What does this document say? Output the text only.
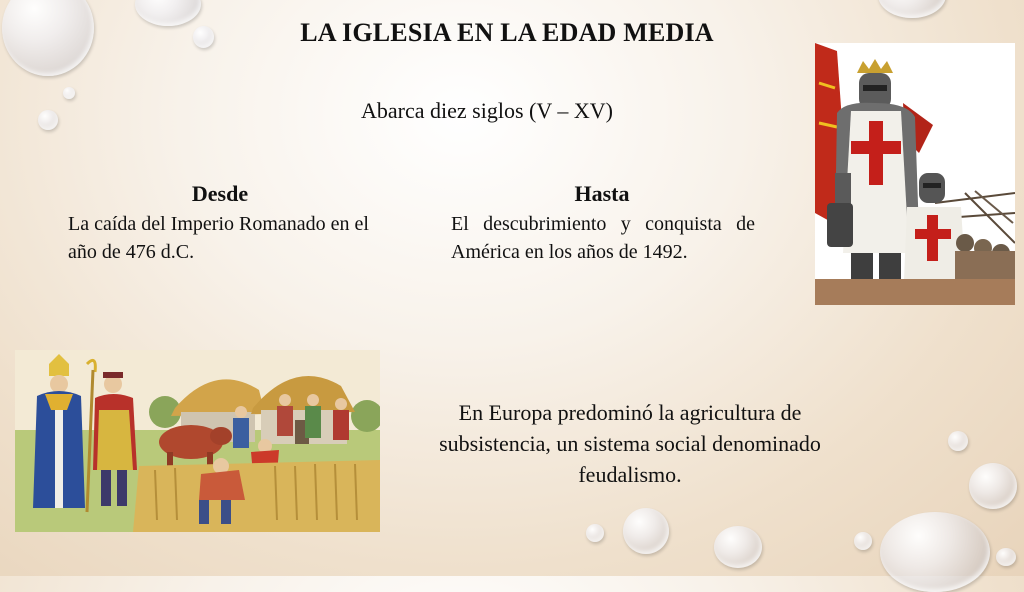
LA IGLESIA EN LA EDAD MEDIA
Abarca diez siglos (V – XV)
Desde
La caída del Imperio Romanado en el año de 476 d.C.
Hasta
El descubrimiento y conquista de América en los años de 1492.
En Europa predominó la agricultura de subsistencia, un sistema social denominado feudalismo.
